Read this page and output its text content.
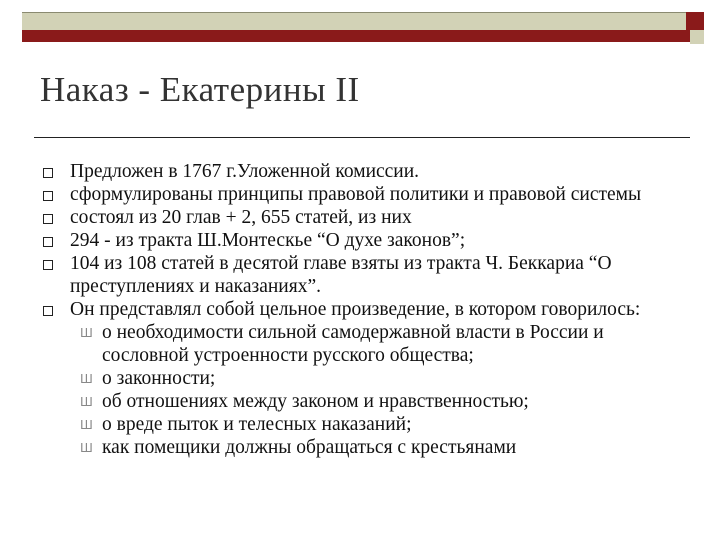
Наказ - Екатерины II
Предложен в 1767 г.Уложенной комиссии.
сформулированы принципы правовой политики и правовой системы
состоял из 20 глав + 2, 655 статей, из них
294 - из тракта Ш.Монтескье “О духе законов”;
104 из 108 статей в десятой главе взяты из тракта Ч. Беккариа “О преступлениях и наказаниях”.
Он представлял собой цельное произведение, в котором говорилось:
Ш о необходимости сильной самодержавной власти в России и сословной устроенности русского общества;
Ш о законности;
Ш об отношениях между законом и нравственностью;
Ш о вреде пыток и телесных наказаний;
Ш как помещики должны обращаться с крестьянами
